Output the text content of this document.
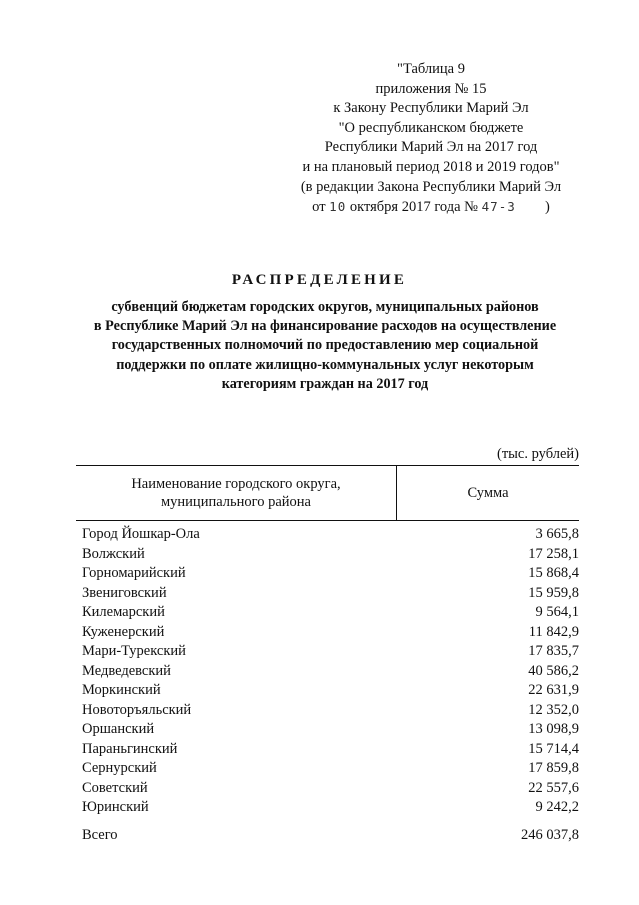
"Таблица 9
приложения № 15
к Закону Республики Марий Эл
"О республиканском бюджете
Республики Марий Эл на 2017 год
и на плановый период 2018 и 2019 годов"
(в редакции Закона Республики Марий Эл
от 10 октября 2017 года № 47-З )
РАСПРЕДЕЛЕНИЕ
субвенций бюджетам городских округов, муниципальных районов
в Республике Марий Эл на финансирование расходов на осуществление
государственных полномочий по предоставлению мер социальной
поддержки по оплате жилищно-коммунальных услуг некоторым
категориям граждан на 2017 год
(тыс. рублей)
Наименование городского округа,
муниципального района
Сумма
Город Йошкар-Ола	3 665,8
Волжский	17 258,1
Горномарийский	15 868,4
Звениговский	15 959,8
Килемарский	9 564,1
Куженерский	11 842,9
Мари-Турекский	17 835,7
Медведевский	40 586,2
Моркинский	22 631,9
Новоторъяльский	12 352,0
Оршанский	13 098,9
Параньгинский	15 714,4
Сернурский	17 859,8
Советский	22 557,6
Юринский	9 242,2
Всего	246 037,8
